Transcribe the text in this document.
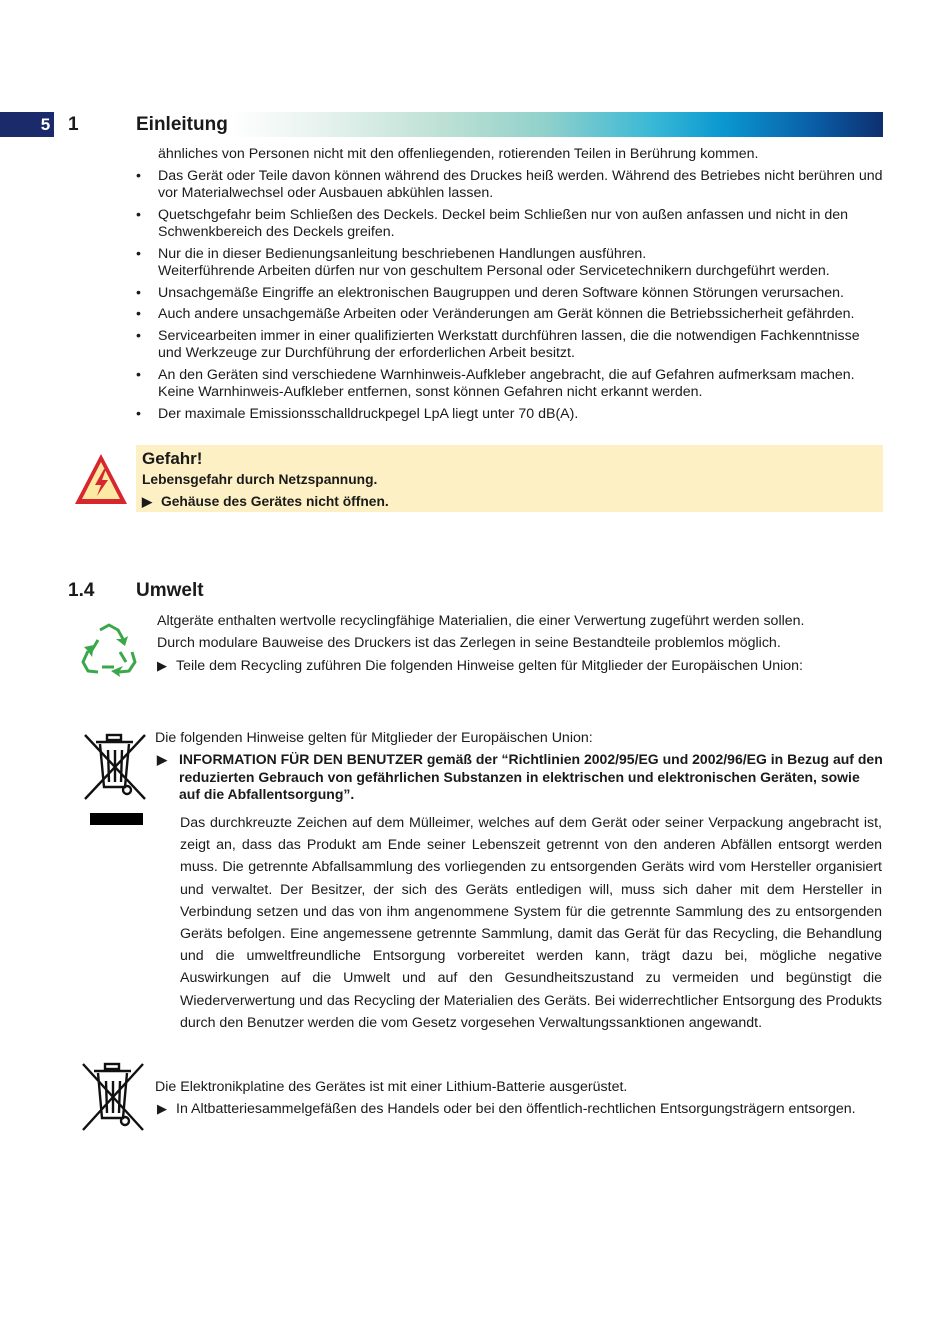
5 1	Einleitung
ähnliches von Personen nicht mit den offenliegenden, rotierenden Teilen in Berührung kommen.
• Das Gerät oder Teile davon können während des Druckes heiß werden. Während des Betriebes nicht berühren und vor Materialwechsel oder Ausbauen abkühlen lassen.
• Quetschgefahr beim Schließen des Deckels. Deckel beim Schließen nur von außen anfassen und nicht in den Schwenkbereich des Deckels greifen.
• Nur die in dieser Bedienungsanleitung beschriebenen Handlungen ausführen.
Weiterführende Arbeiten dürfen nur von geschultem Personal oder Servicetechnikern durchgeführt werden.
• Unsachgemäße Eingriffe an elektronischen Baugruppen und deren Software können Störungen verursachen.
• Auch andere unsachgemäße Arbeiten oder Veränderungen am Gerät können die Betriebssicherheit gefährden.
• Servicearbeiten immer in einer qualifizierten Werkstatt durchführen lassen, die die notwendigen Fachkenntnisse und Werkzeuge zur Durchführung der erforderlichen Arbeit besitzt.
• An den Geräten sind verschiedene Warnhinweis-Aufkleber angebracht, die auf Gefahren aufmerksam machen. Keine Warnhinweis-Aufkleber entfernen, sonst können Gefahren nicht erkannt werden.
• Der maximale Emissionsschalldruckpegel LpA liegt unter 70 dB(A).
Gefahr!
Lebensgefahr durch Netzspannung.
▶ Gehäuse des Gerätes nicht öffnen.
1.4 Umwelt
Altgeräte enthalten wertvolle recyclingfähige Materialien, die einer Verwertung zugeführt werden sollen.
Durch modulare Bauweise des Druckers ist das Zerlegen in seine Bestandteile problemlos möglich.
▶ Teile dem Recycling zuführen Die folgenden Hinweise gelten für Mitglieder der Europäischen Union:
Die folgenden Hinweise gelten für Mitglieder der Europäischen Union:
▶ INFORMATION FÜR DEN BENUTZER gemäß der “Richtlinien 2002/95/EG und 2002/96/EG in Bezug auf den reduzierten Gebrauch von gefährlichen Substanzen in elektrischen und elektronischen Geräten, sowie auf die Abfallentsorgung”.
Das durchkreuzte Zeichen auf dem Mülleimer, welches auf dem Gerät oder seiner Verpackung angebracht ist, zeigt an, dass das Produkt am Ende seiner Lebenszeit getrennt von den anderen Abfällen entsorgt werden muss. Die getrennte Abfallsammlung des vorliegenden zu entsorgenden Geräts wird vom Hersteller organisiert und verwaltet. Der Besitzer, der sich des Geräts entledigen will, muss sich daher mit dem Hersteller in Verbindung setzen und das von ihm angenommene System für die getrennte Sammlung des zu entsorgenden Geräts befolgen. Eine angemessene getrennte Sammlung, damit das Gerät für das Recycling, die Behandlung und die umweltfreundliche Entsorgung vorbereitet werden kann, trägt dazu bei, mögliche negative Auswirkungen auf die Umwelt und auf den Gesundheitszustand zu vermeiden und begünstigt die Wiederverwertung und das Recycling der Materialien des Geräts. Bei widerrechtlicher Entsorgung des Produkts durch den Benutzer werden die vom Gesetz vorgesehen Verwaltungssanktionen angewandt.
Die Elektronikplatine des Gerätes ist mit einer Lithium-Batterie ausgerüstet.
▶ In Altbatteriesammelgefäßen des Handels oder bei den öffentlich-rechtlichen Entsorgungsträgern entsorgen.
